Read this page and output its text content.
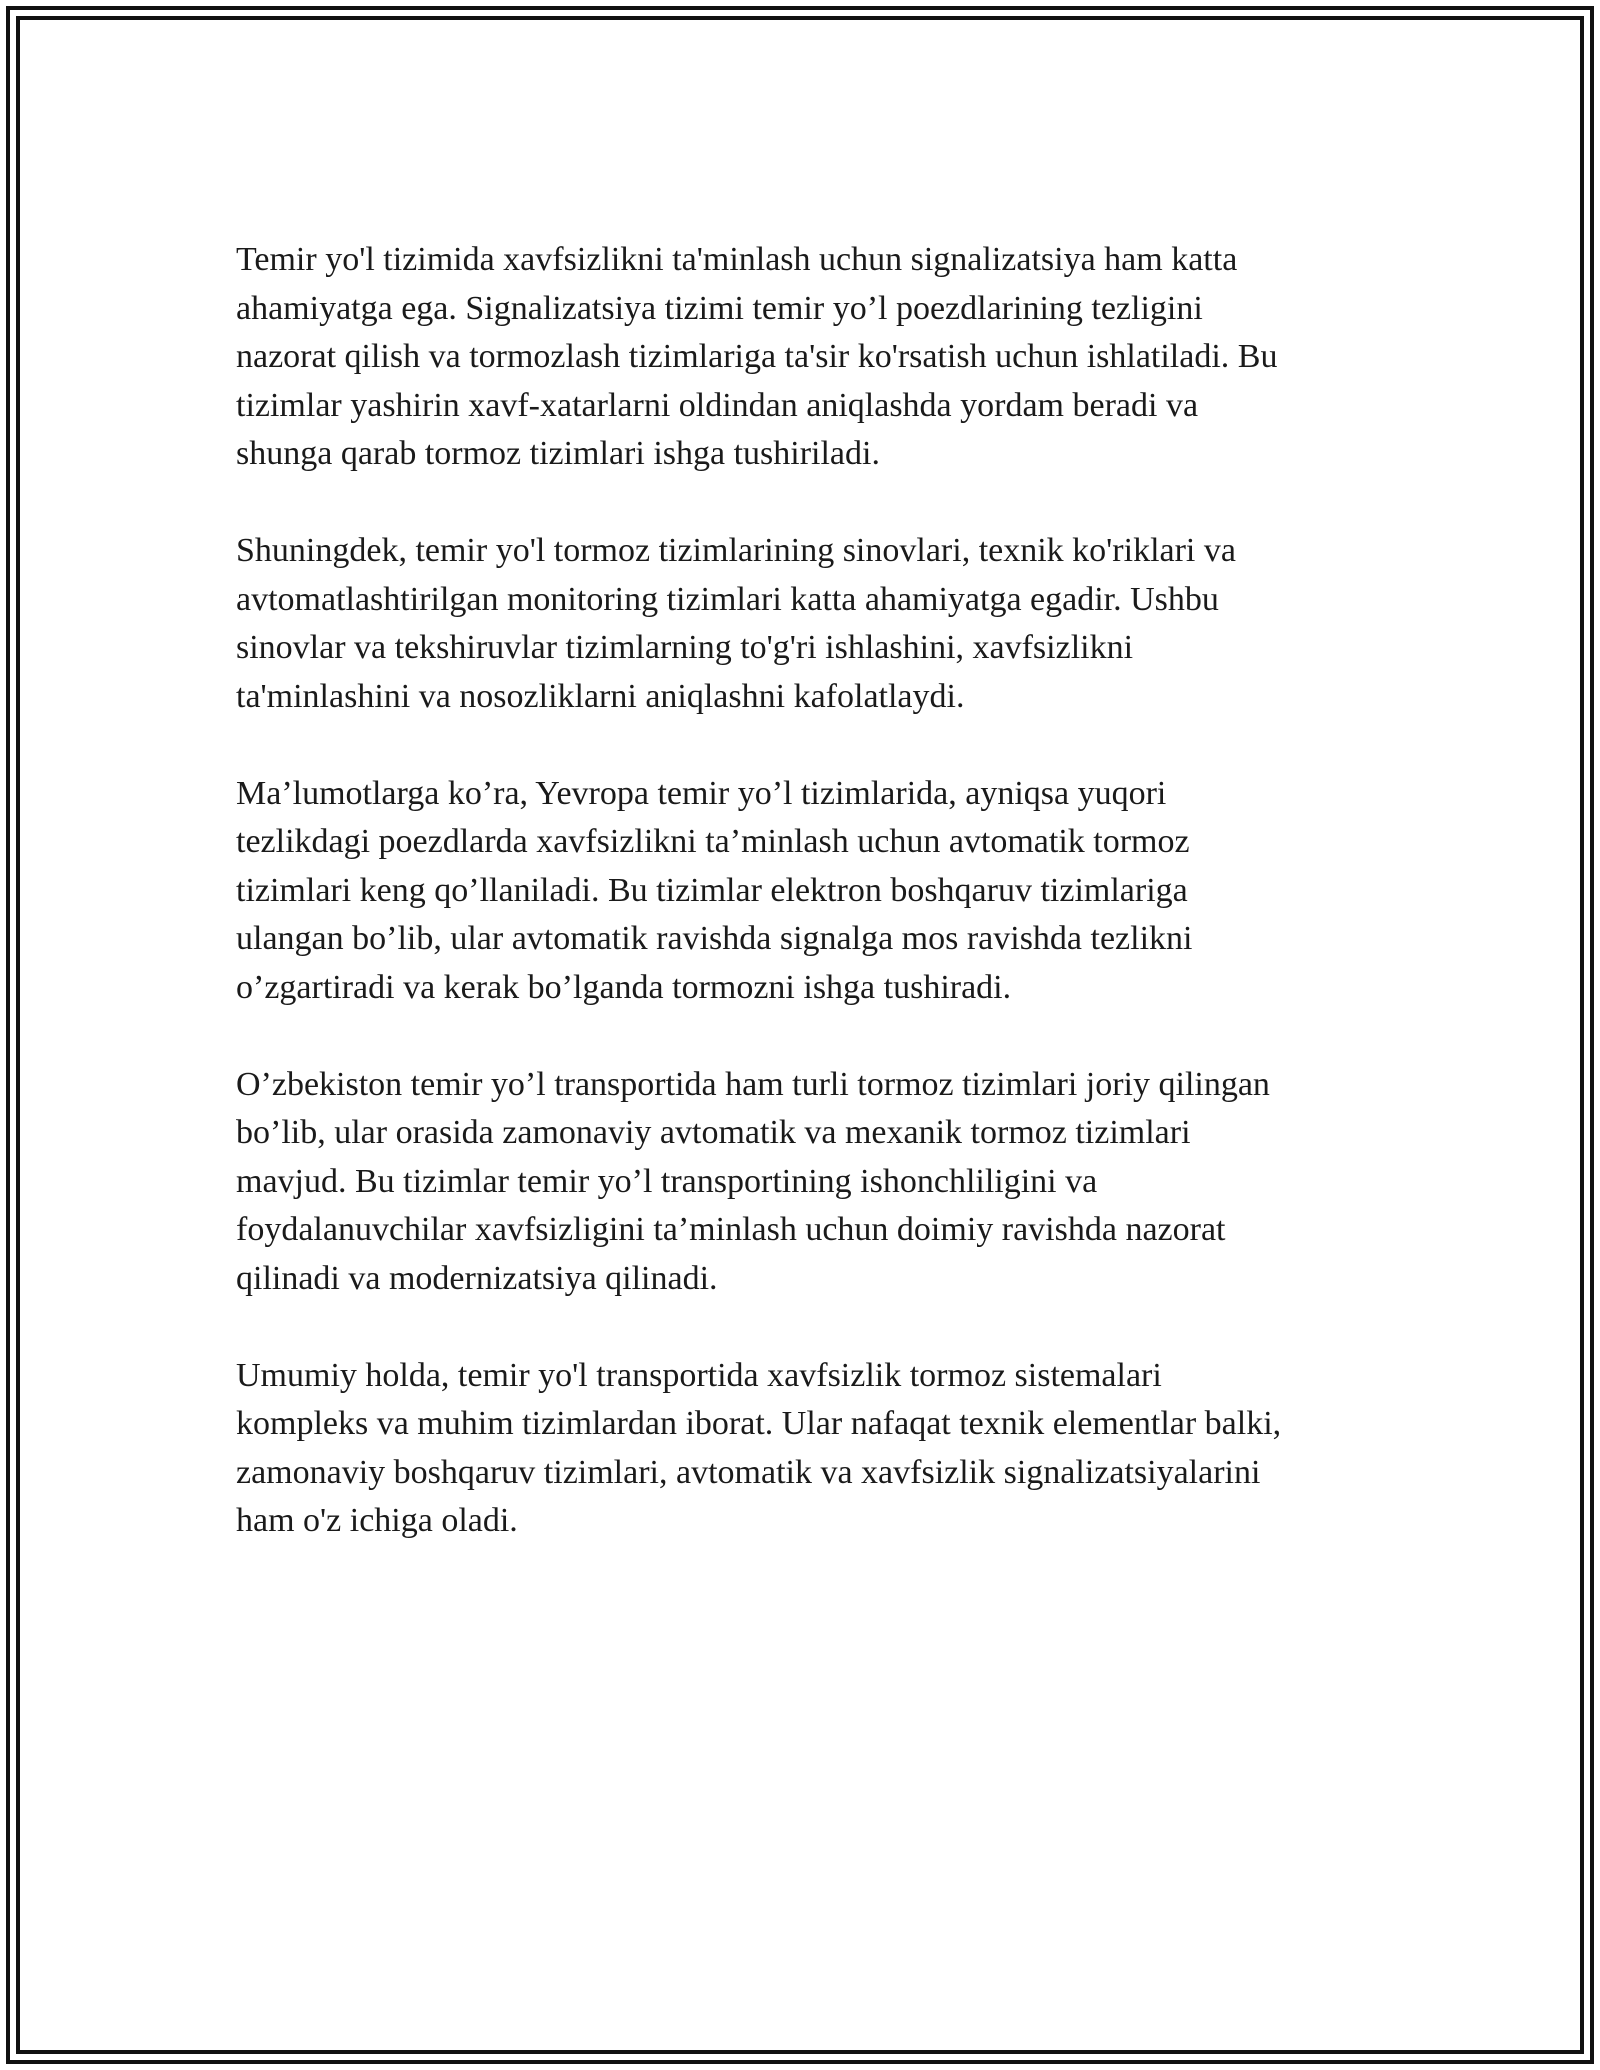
Temir yo'l tizimida xavfsizlikni ta'minlash uchun signalizatsiya ham katta
ahamiyatga ega. Signalizatsiya tizimi temir yo’l poezdlarining tezligini
nazorat qilish va tormozlash tizimlariga ta'sir ko'rsatish uchun ishlatiladi. Bu
tizimlar yashirin xavf-xatarlarni oldindan aniqlashda yordam beradi va
shunga qarab tormoz tizimlari ishga tushiriladi.

Shuningdek, temir yo'l tormoz tizimlarining sinovlari, texnik ko'riklari va
avtomatlashtirilgan monitoring tizimlari katta ahamiyatga egadir. Ushbu
sinovlar va tekshiruvlar tizimlarning to'g'ri ishlashini, xavfsizlikni
ta'minlashini va nosozliklarni aniqlashni kafolatlaydi.

Ma’lumotlarga ko’ra, Yevropa temir yo’l tizimlarida, ayniqsa yuqori
tezlikdagi poezdlarda xavfsizlikni ta’minlash uchun avtomatik tormoz
tizimlari keng qo’llaniladi. Bu tizimlar elektron boshqaruv tizimlariga
ulangan bo’lib, ular avtomatik ravishda signalga mos ravishda tezlikni
o’zgartiradi va kerak bo’lganda tormozni ishga tushiradi.

O’zbekiston temir yo’l transportida ham turli tormoz tizimlari joriy qilingan
bo’lib, ular orasida zamonaviy avtomatik va mexanik tormoz tizimlari
mavjud. Bu tizimlar temir yo’l transportining ishonchliligini va
foydalanuvchilar xavfsizligini ta’minlash uchun doimiy ravishda nazorat
qilinadi va modernizatsiya qilinadi.

Umumiy holda, temir yo'l transportida xavfsizlik tormoz sistemalari
kompleks va muhim tizimlardan iborat. Ular nafaqat texnik elementlar balki,
zamonaviy boshqaruv tizimlari, avtomatik va xavfsizlik signalizatsiyalarini
ham o'z ichiga oladi.
